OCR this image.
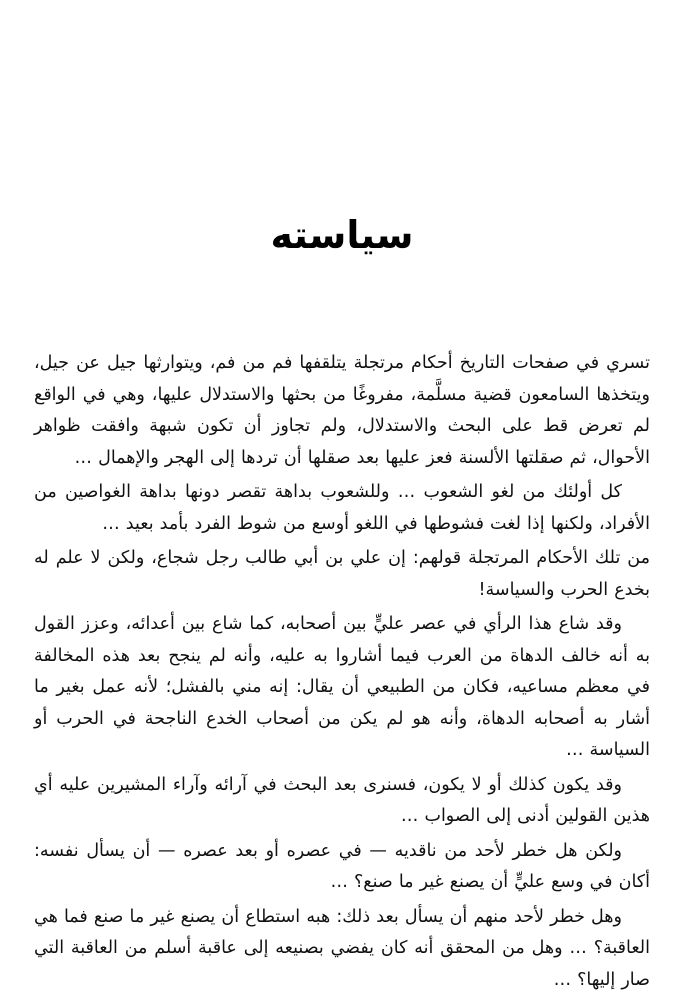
سياسته

تسري في صفحات التاريخ أحكام مرتجلة يتلقفها فم من فم، ويتوارثها جيل عن جيل، ويتخذها السامعون قضية مسلَّمة، مفروغًا من بحثها والاستدلال عليها، وهي في الواقع لم تعرض قط على البحث والاستدلال، ولم تجاوز أن تكون شبهة وافقت ظواهر الأحوال، ثم صقلتها الألسنة فعز عليها بعد صقلها أن تردها إلى الهجر والإهمال …

كل أولئك من لغو الشعوب … وللشعوب بداهة تقصر دونها بداهة الغواصين من الأفراد، ولكنها إذا لغت فشوطها في اللغو أوسع من شوط الفرد بأمد بعيد …

من تلك الأحكام المرتجلة قولهم: إن علي بن أبي طالب رجل شجاع، ولكن لا علم له بخدع الحرب والسياسة!

وقد شاع هذا الرأي في عصر عليٍّ بين أصحابه، كما شاع بين أعدائه، وعزز القول به أنه خالف الدهاة من العرب فيما أشاروا به عليه، وأنه لم ينجح بعد هذه المخالفة في معظم مساعيه، فكان من الطبيعي أن يقال: إنه مني بالفشل؛ لأنه عمل بغير ما أشار به أصحابه الدهاة، وأنه هو لم يكن من أصحاب الخدع الناجحة في الحرب أو السياسة …

وقد يكون كذلك أو لا يكون، فسنرى بعد البحث في آرائه وآراء المشيرين عليه أي هذين القولين أدنى إلى الصواب …

ولكن هل خطر لأحد من ناقديه — في عصره أو بعد عصره — أن يسأل نفسه: أكان في وسع عليٍّ أن يصنع غير ما صنع؟ …

وهل خطر لأحد منهم أن يسأل بعد ذلك: هبه استطاع أن يصنع غير ما صنع فما هي العاقبة؟ … وهل من المحقق أنه كان يفضي بصنيعه إلى عاقبة أسلم من العاقبة التي صار إليها؟ …
